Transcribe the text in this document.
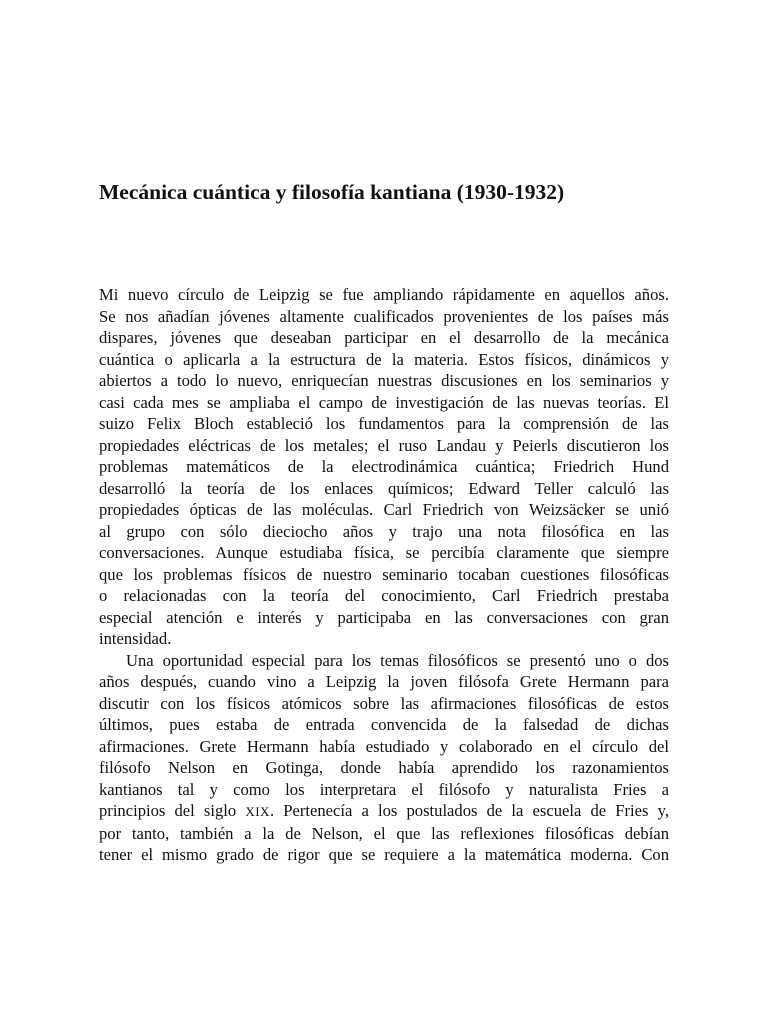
Mecánica cuántica y filosofía kantiana (1930-1932)

Mi nuevo círculo de Leipzig se fue ampliando rápidamente en aquellos años.
Se nos añadían jóvenes altamente cualificados provenientes de los países más
dispares, jóvenes que deseaban participar en el desarrollo de la mecánica
cuántica o aplicarla a la estructura de la materia. Estos físicos, dinámicos y
abiertos a todo lo nuevo, enriquecían nuestras discusiones en los seminarios y
casi cada mes se ampliaba el campo de investigación de las nuevas teorías. El
suizo Felix Bloch estableció los fundamentos para la comprensión de las
propiedades eléctricas de los metales; el ruso Landau y Peierls discutieron los
problemas matemáticos de la electrodinámica cuántica; Friedrich Hund
desarrolló la teoría de los enlaces químicos; Edward Teller calculó las
propiedades ópticas de las moléculas. Carl Friedrich von Weizsäcker se unió
al grupo con sólo dieciocho años y trajo una nota filosófica en las
conversaciones. Aunque estudiaba física, se percibía claramente que siempre
que los problemas físicos de nuestro seminario tocaban cuestiones filosóficas
o relacionadas con la teoría del conocimiento, Carl Friedrich prestaba
especial atención e interés y participaba en las conversaciones con gran
intensidad.

Una oportunidad especial para los temas filosóficos se presentó uno o dos
años después, cuando vino a Leipzig la joven filósofa Grete Hermann para
discutir con los físicos atómicos sobre las afirmaciones filosóficas de estos
últimos, pues estaba de entrada convencida de la falsedad de dichas
afirmaciones. Grete Hermann había estudiado y colaborado en el círculo del
filósofo Nelson en Gotinga, donde había aprendido los razonamientos
kantianos tal y como los interpretara el filósofo y naturalista Fries a
principios del siglo XIX. Pertenecía a los postulados de la escuela de Fries y,
por tanto, también a la de Nelson, el que las reflexiones filosóficas debían
tener el mismo grado de rigor que se requiere a la matemática moderna. Con
